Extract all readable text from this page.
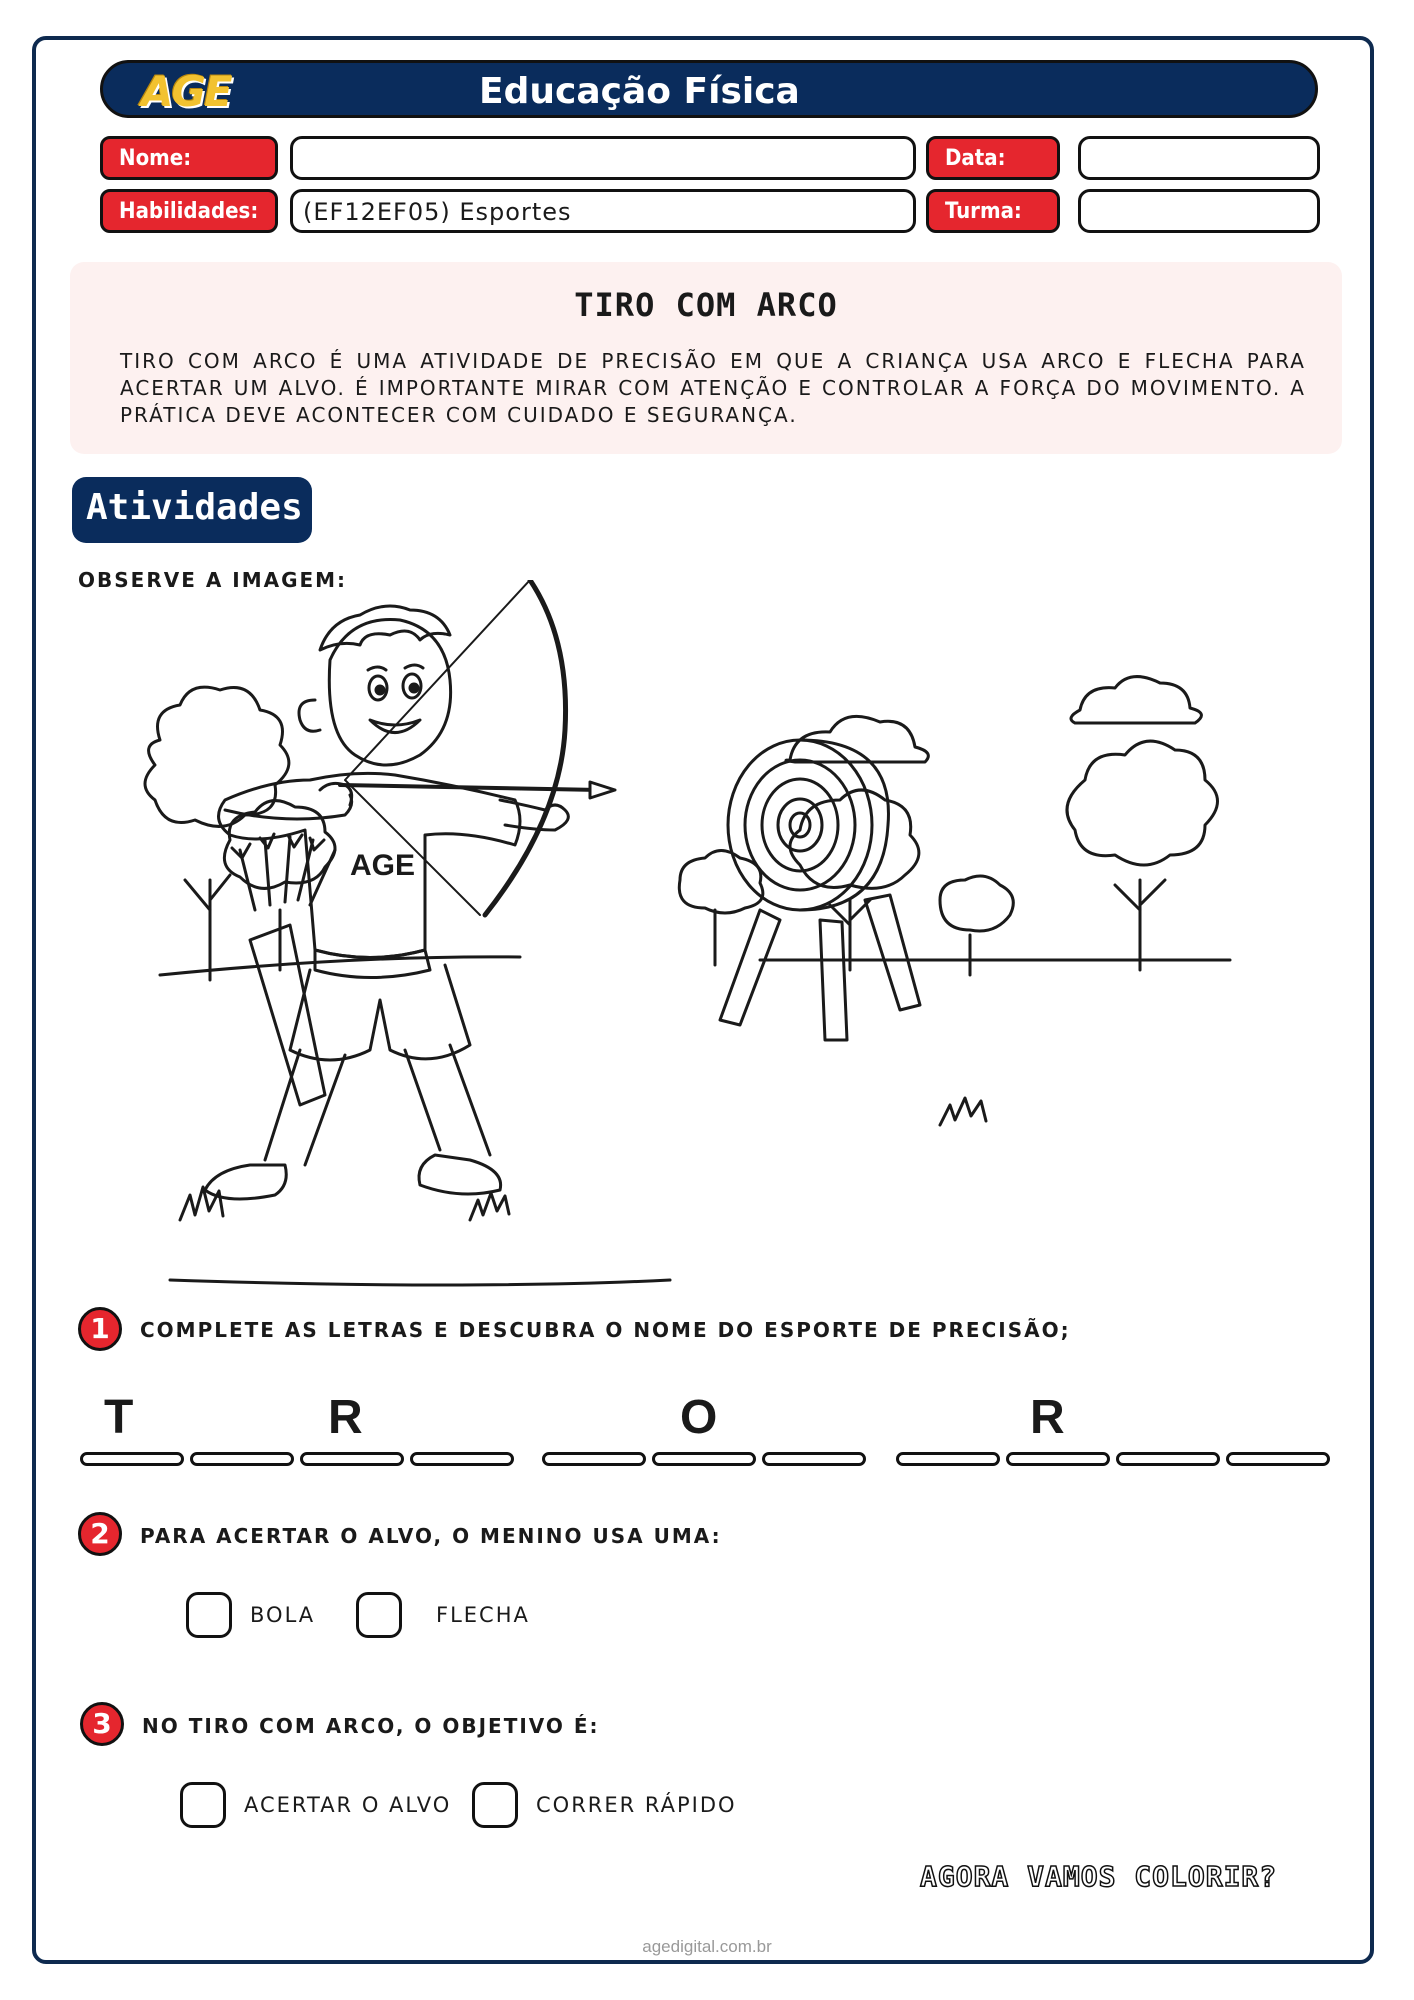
AGE	Educação Física
Nome:	Data:
Habilidades:	(EF12EF05) Esportes	Turma:
TIRO COM ARCO
TIRO COM ARCO É UMA ATIVIDADE DE PRECISÃO EM QUE A CRIANÇA USA ARCO E FLECHA PARA ACERTAR UM ALVO. É IMPORTANTE MIRAR COM ATENÇÃO E CONTROLAR A FORÇA DO MOVIMENTO. A PRÁTICA DEVE ACONTECER COM CUIDADO E SEGURANÇA.
Atividades
OBSERVE A IMAGEM:
AGE
1	COMPLETE AS LETRAS E DESCUBRA O NOME DO ESPORTE DE PRECISÃO;
T	R	O	R
2	PARA ACERTAR O ALVO, O MENINO USA UMA:
BOLA	FLECHA
3	NO TIRO COM ARCO, O OBJETIVO É:
ACERTAR O ALVO	CORRER RÁPIDO
AGORA VAMOS COLORIR?
agedigital.com.br
